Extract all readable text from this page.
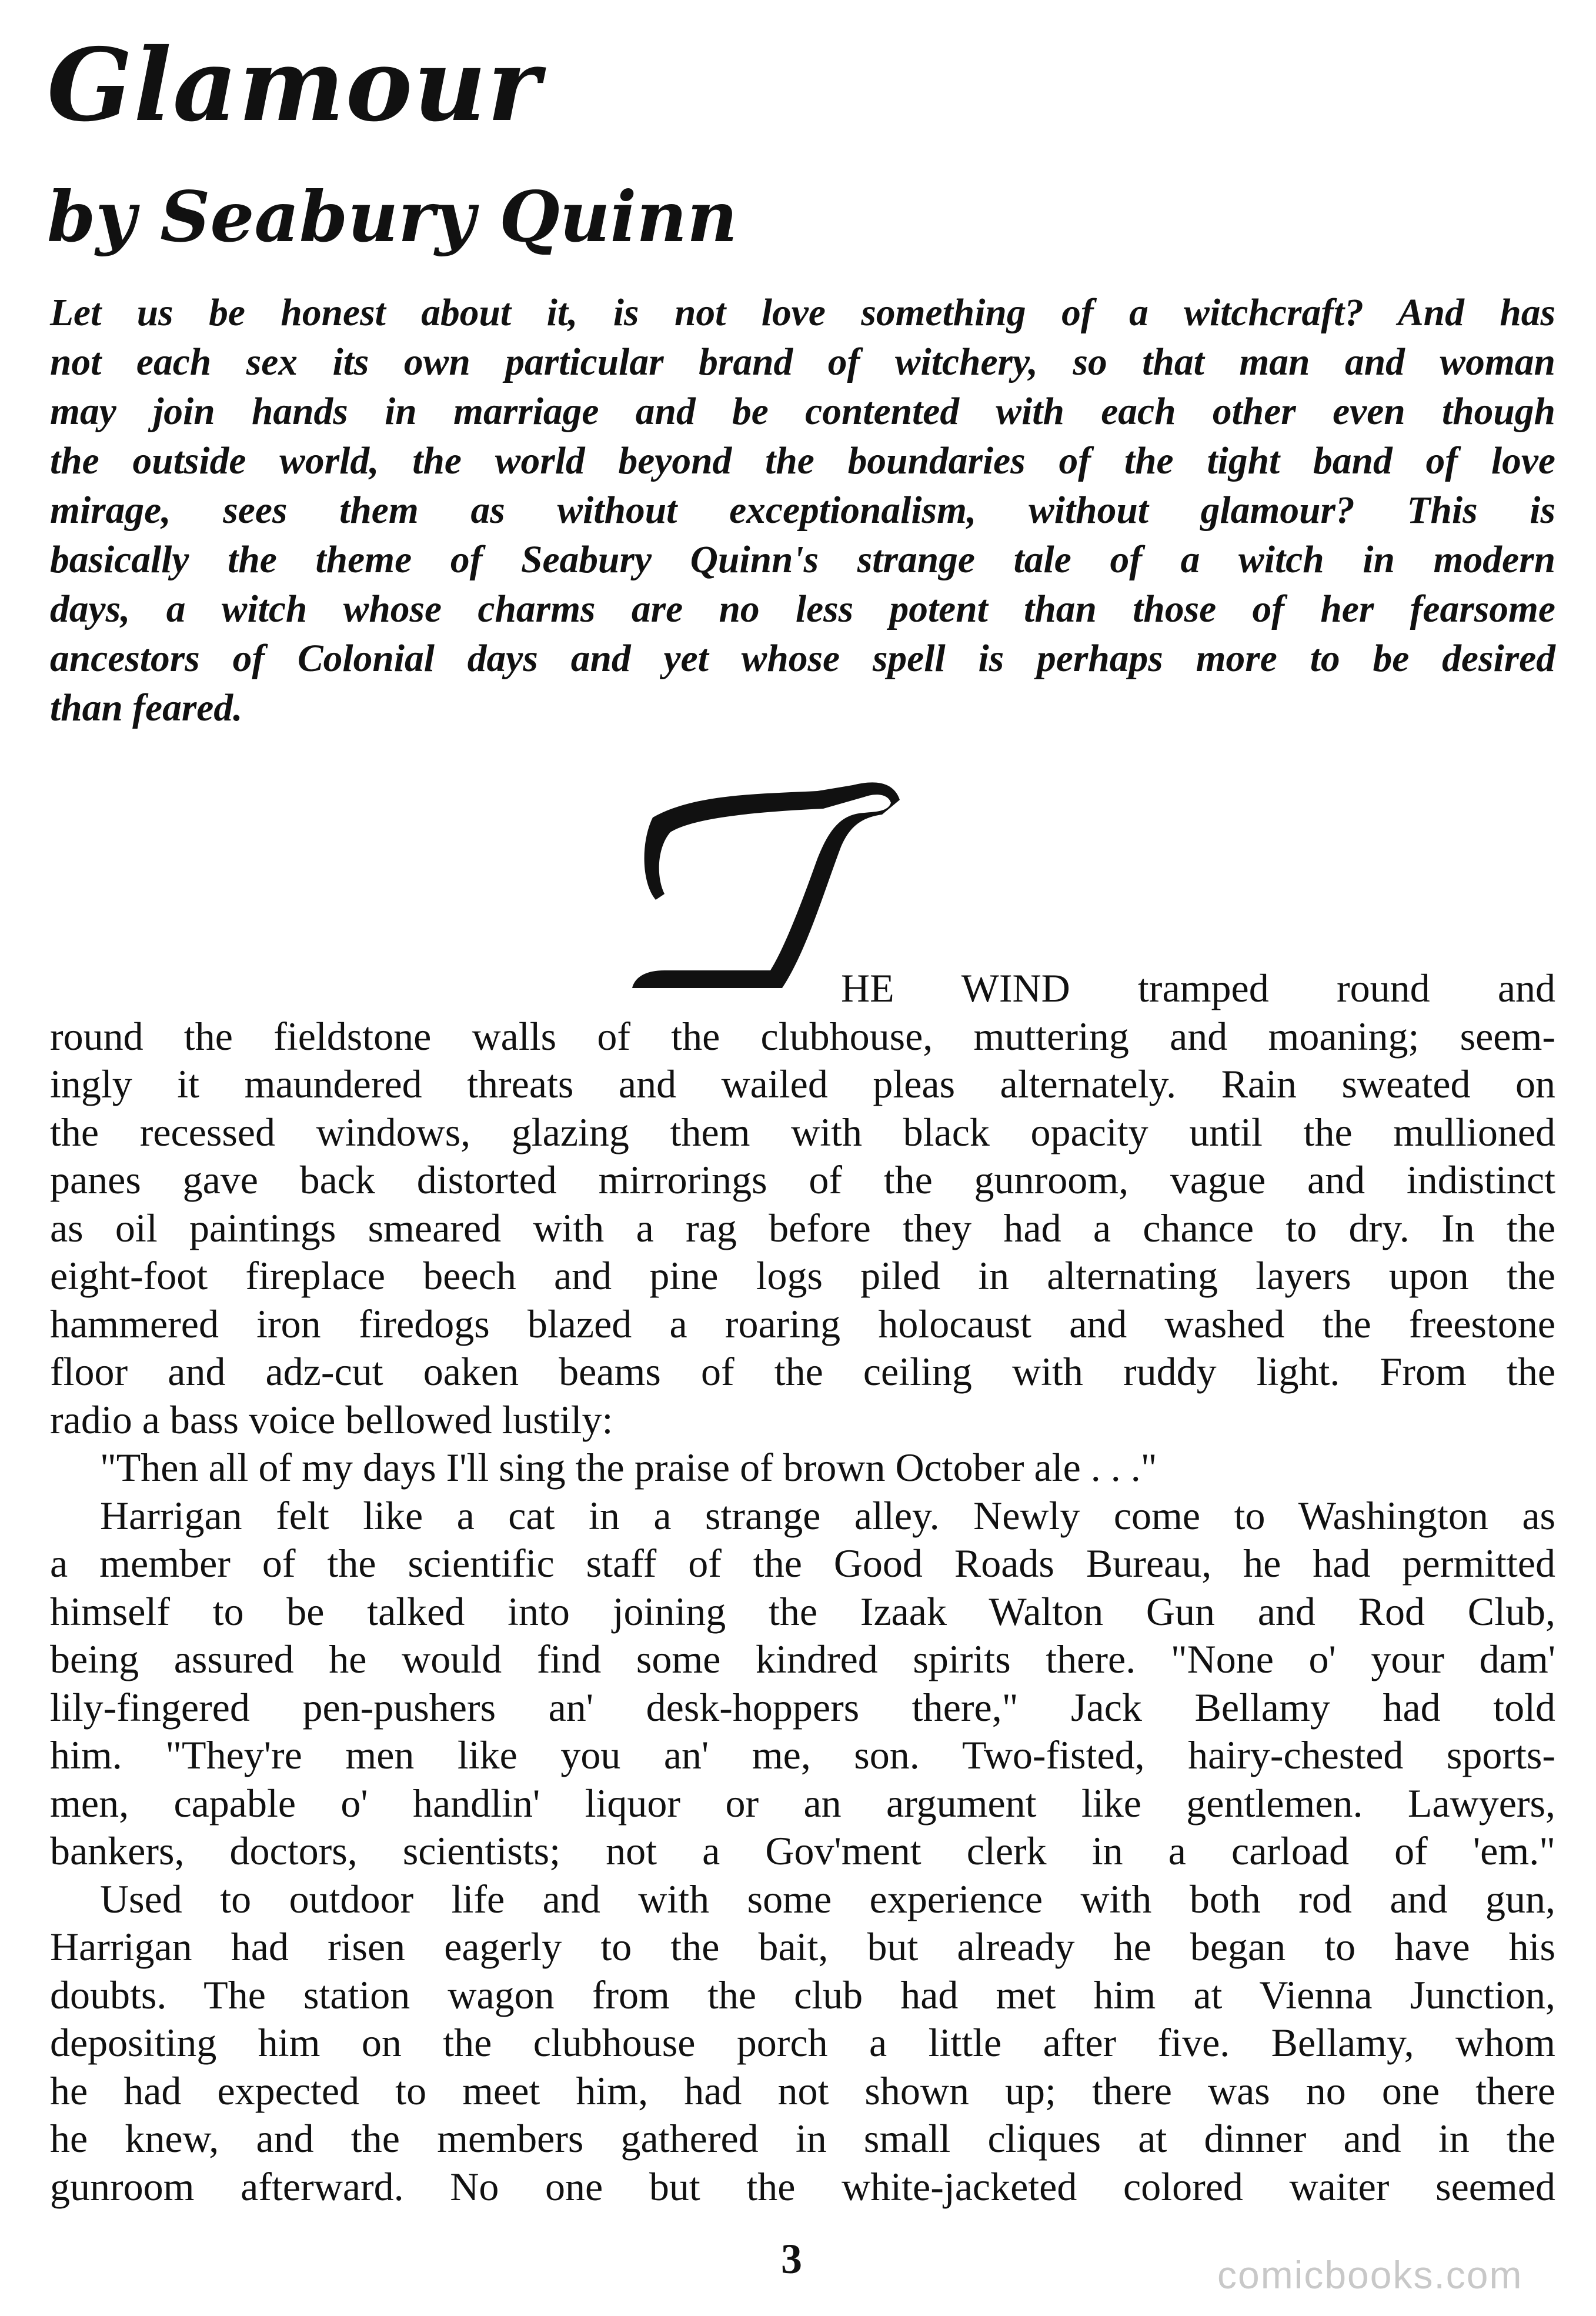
Glamour
by Seabury Quinn
Let us be honest about it, is not love something of a witchcraft? And has
not each sex its own particular brand of witchery, so that man and woman
may join hands in marriage and be contented with each other even though
the outside world, the world beyond the boundaries of the tight band of love
mirage, sees them as without exceptionalism, without glamour? This is
basically the theme of Seabury Quinn's strange tale of a witch in modern
days, a witch whose charms are no less potent than those of her fearsome
ancestors of Colonial days and yet whose spell is perhaps more to be desired
than feared.
HE WIND tramped round and
round the fieldstone walls of the clubhouse, muttering and moaning; seem-
ingly it maundered threats and wailed pleas alternately. Rain sweated on
the recessed windows, glazing them with black opacity until the mullioned
panes gave back distorted mirrorings of the gunroom, vague and indistinct
as oil paintings smeared with a rag before they had a chance to dry. In the
eight-foot fireplace beech and pine logs piled in alternating layers upon the
hammered iron firedogs blazed a roaring holocaust and washed the freestone
floor and adz-cut oaken beams of the ceiling with ruddy light. From the
radio a bass voice bellowed lustily:
"Then all of my days I'll sing the praise of brown October ale . . ."
Harrigan felt like a cat in a strange alley. Newly come to Washington as
a member of the scientific staff of the Good Roads Bureau, he had permitted
himself to be talked into joining the Izaak Walton Gun and Rod Club,
being assured he would find some kindred spirits there. "None o' your dam'
lily-fingered pen-pushers an' desk-hoppers there," Jack Bellamy had told
him. "They're men like you an' me, son. Two-fisted, hairy-chested sports-
men, capable o' handlin' liquor or an argument like gentlemen. Lawyers,
bankers, doctors, scientists; not a Gov'ment clerk in a carload of 'em."
Used to outdoor life and with some experience with both rod and gun,
Harrigan had risen eagerly to the bait, but already he began to have his
doubts. The station wagon from the club had met him at Vienna Junction,
depositing him on the clubhouse porch a little after five. Bellamy, whom
he had expected to meet him, had not shown up; there was no one there
he knew, and the members gathered in small cliques at dinner and in the
gunroom afterward. No one but the white-jacketed colored waiter seemed
3	comicbooks.com
